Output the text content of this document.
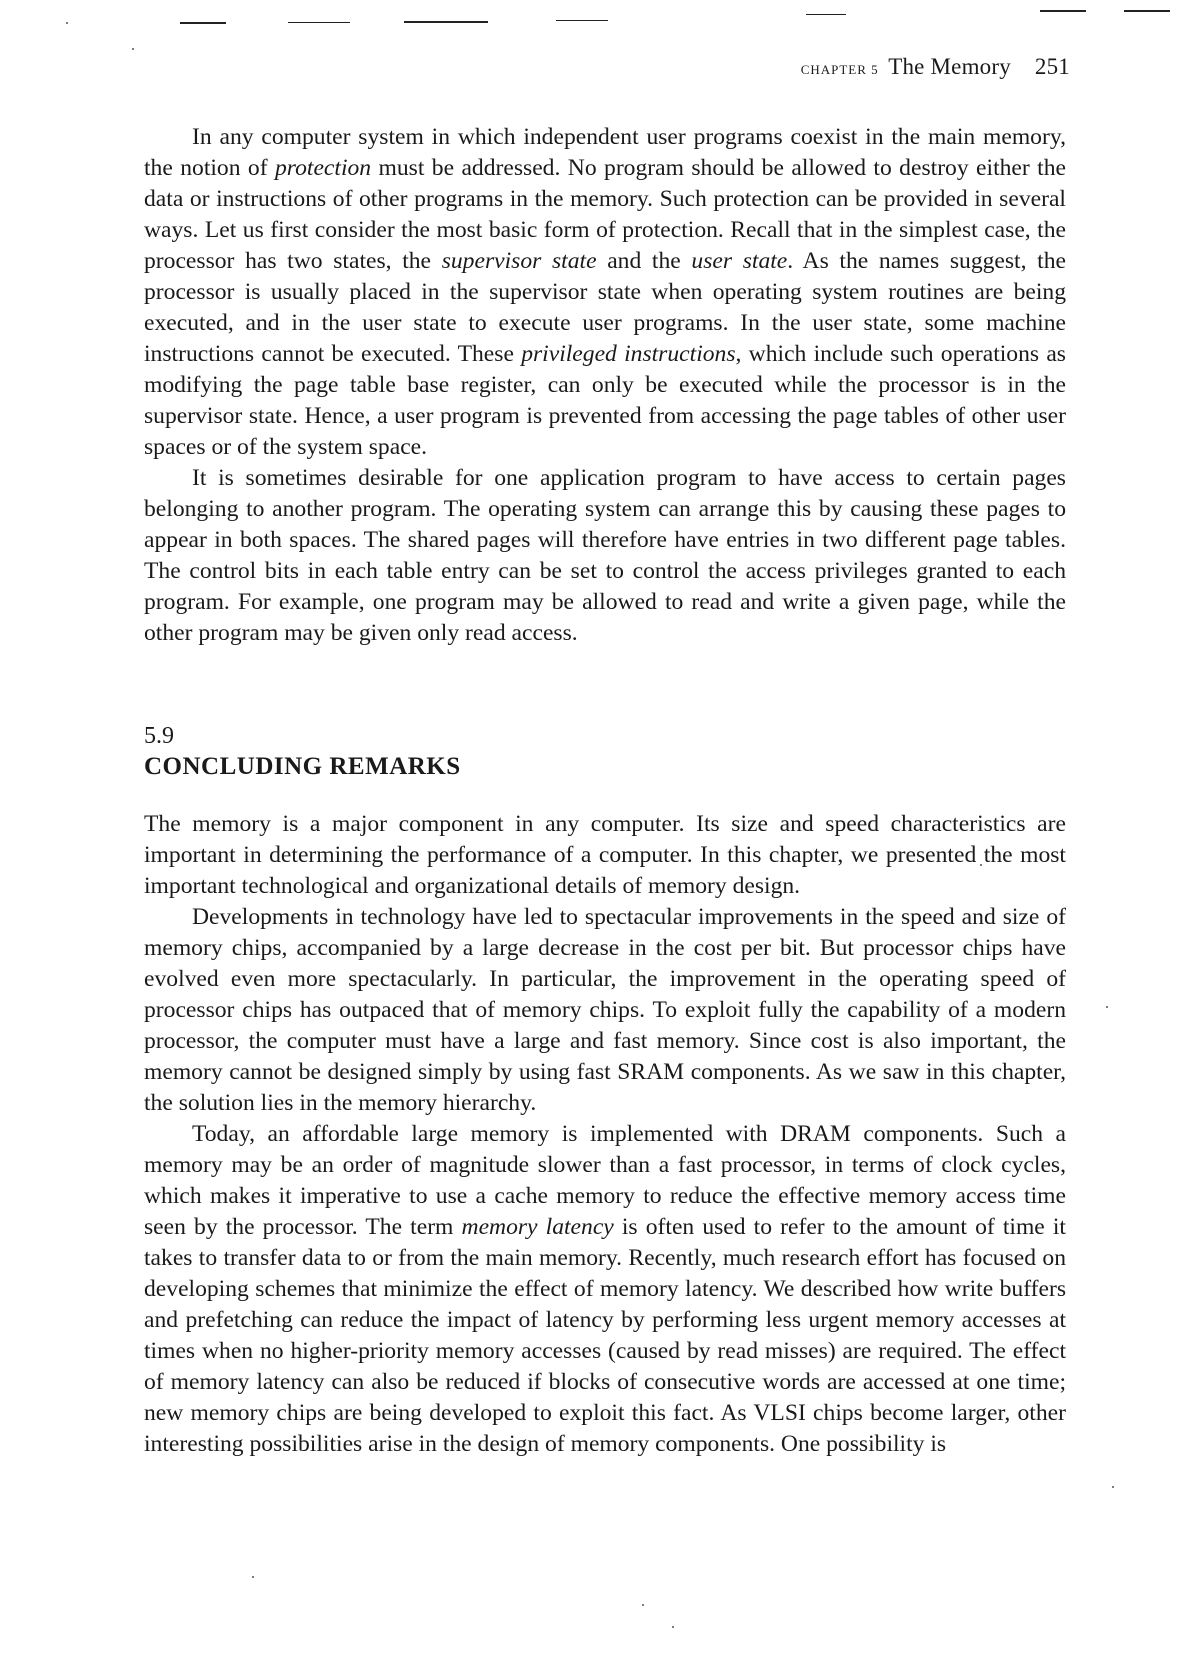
CHAPTER 5 The Memory 251

In any computer system in which independent user programs coexist in the main memory, the notion of protection must be addressed. No program should be allowed to destroy either the data or instructions of other programs in the memory. Such protection can be provided in several ways. Let us first consider the most basic form of protection. Recall that in the simplest case, the processor has two states, the supervisor state and the user state. As the names suggest, the processor is usually placed in the supervisor state when operating system routines are being executed, and in the user state to execute user programs. In the user state, some machine instructions cannot be executed. These privileged instructions, which include such operations as modifying the page table base register, can only be executed while the processor is in the supervisor state. Hence, a user program is prevented from accessing the page tables of other user spaces or of the system space.

It is sometimes desirable for one application program to have access to certain pages belonging to another program. The operating system can arrange this by causing these pages to appear in both spaces. The shared pages will therefore have entries in two different page tables. The control bits in each table entry can be set to control the access privileges granted to each program. For example, one program may be allowed to read and write a given page, while the other program may be given only read access.

5.9
CONCLUDING REMARKS

The memory is a major component in any computer. Its size and speed characteristics are important in determining the performance of a computer. In this chapter, we presented the most important technological and organizational details of memory design.

Developments in technology have led to spectacular improvements in the speed and size of memory chips, accompanied by a large decrease in the cost per bit. But processor chips have evolved even more spectacularly. In particular, the improvement in the operating speed of processor chips has outpaced that of memory chips. To exploit fully the capability of a modern processor, the computer must have a large and fast memory. Since cost is also important, the memory cannot be designed simply by using fast SRAM components. As we saw in this chapter, the solution lies in the memory hierarchy.

Today, an affordable large memory is implemented with DRAM components. Such a memory may be an order of magnitude slower than a fast processor, in terms of clock cycles, which makes it imperative to use a cache memory to reduce the effective memory access time seen by the processor. The term memory latency is often used to refer to the amount of time it takes to transfer data to or from the main memory. Recently, much research effort has focused on developing schemes that minimize the effect of memory latency. We described how write buffers and prefetching can reduce the impact of latency by performing less urgent memory accesses at times when no higher-priority memory accesses (caused by read misses) are required. The effect of memory latency can also be reduced if blocks of consecutive words are accessed at one time; new memory chips are being developed to exploit this fact. As VLSI chips become larger, other interesting possibilities arise in the design of memory components. One possibility is
